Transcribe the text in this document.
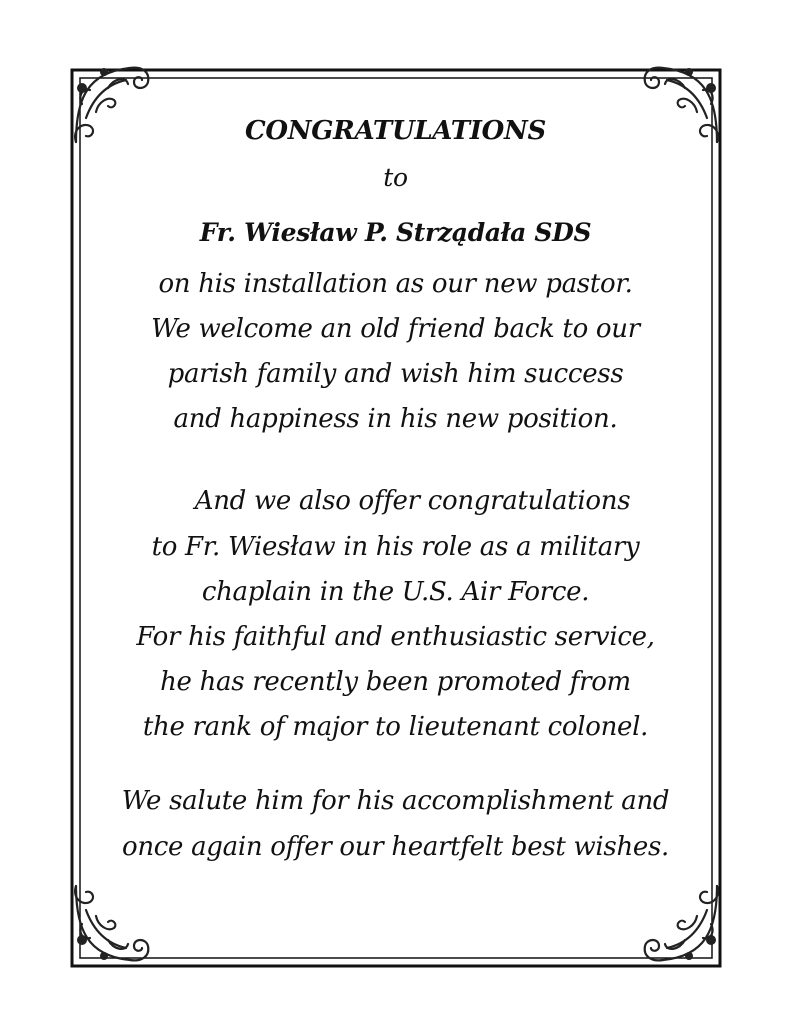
CONGRATULATIONS
to
Fr. Wiesław P. Strządała SDS
on his installation as our new pastor.
We welcome an old friend back to our
parish family and wish him success
and happiness in his new position.
And we also offer congratulations
to Fr. Wiesław in his role as a military
chaplain in the U.S. Air Force.
For his faithful and enthusiastic service,
he has recently been promoted from
the rank of major to lieutenant colonel.
We salute him for his accomplishment and
once again offer our heartfelt best wishes.
